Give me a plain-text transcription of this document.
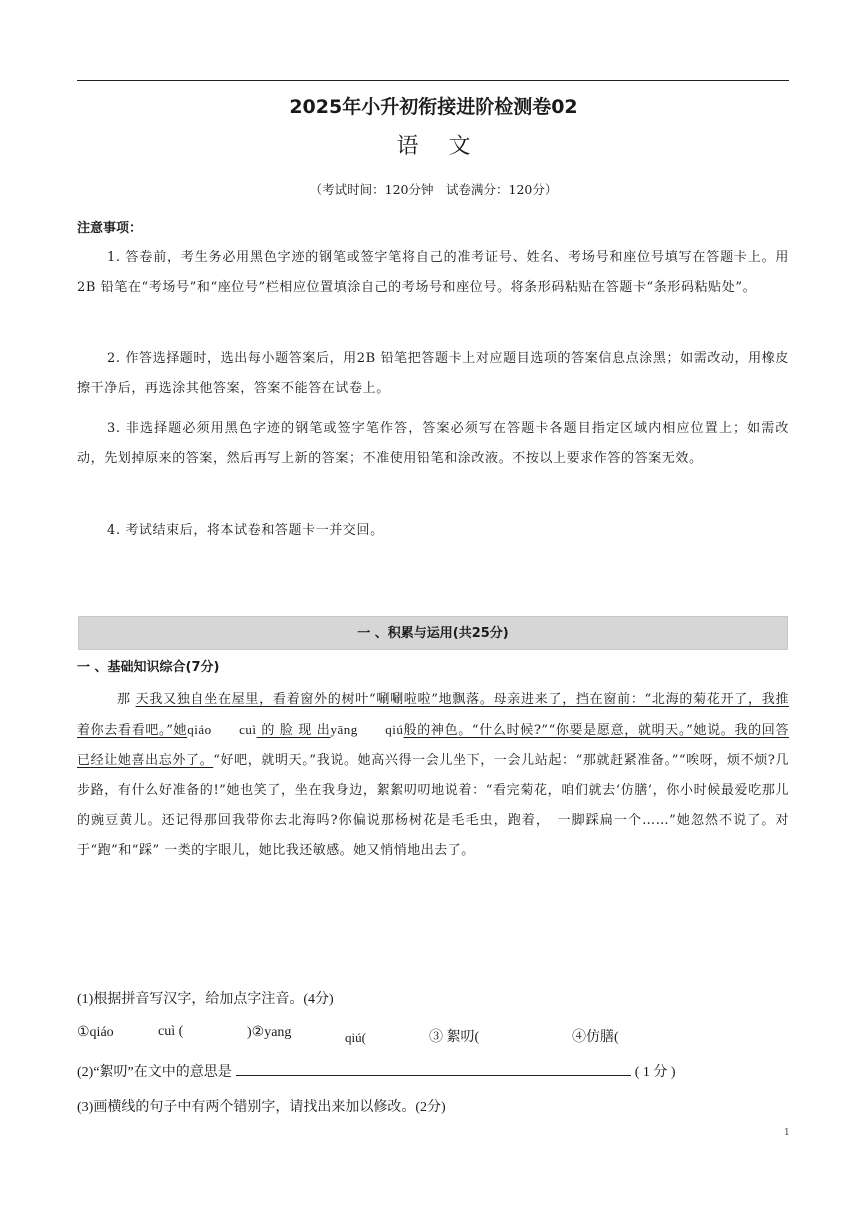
2025年小升初衔接进阶检测卷02
语文
（考试时间：120分钟　试卷满分：120分）
注意事项：
1. 答卷前，考生务必用黑色字迹的钢笔或签字笔将自己的准考证号、姓名、考场号和座位号填写在答题卡上。用2B 铅笔在“考场号”和“座位号”栏相应位置填涂自己的考场号和座位号。将条形码粘贴在答题卡“条形码粘贴处”。
2. 作答选择题时，选出每小题答案后，用2B 铅笔把答题卡上对应题目选项的答案信息点涂黑；如需改动，用橡皮擦干净后，再选涂其他答案，答案不能答在试卷上。
3. 非选择题必须用黑色字迹的钢笔或签字笔作答，答案必须写在答题卡各题目指定区域内相应位置上；如需改动，先划掉原来的答案，然后再写上新的答案；不准使用铅笔和涂改液。不按以上要求作答的答案无效。
4. 考试结束后，将本试卷和答题卡一并交回。
一 、积累与运用(共25分)
一 、基础知识综合(7分)
那 天我又独自坐在屋里，看着窗外的树叶“唰唰啦啦”地飘落。母亲进来了，挡在窗前：“北海的菊花开了，我推着你去看看吧。”她qiáo　　 cuì 的 脸 现 出yāng　　 qiú般的神色。“什么时候?”“你要是愿意，就明天。”她说。我的回答已经让她喜出忘外了。“好吧，就明天。”我说。她高兴得一会儿坐下，一会儿站起：“那就赶紧准备。”“唉呀，烦不烦?几步路，有什么好准备的!”她也笑了，坐在我身边，絮絮叨叨地说着：“看完菊花，咱们就去‘仿膳’，你小时候最爱吃那儿的豌豆黄儿。还记得那回我带你去北海吗?你偏说那杨树花是毛毛虫，跑着，　一脚踩扁一个……”她忽然不说了。对于“跑”和“踩” 一类的字眼儿，她比我还敏感。她又悄悄地出去了。
(1)根据拼音写汉字，给加点字注音。(4分)
①qiáo	cuì (	)②yang	qiú(	③ 絮叨(	④仿膳(
(2)“絮叨”在文中的意思是	( 1 分 )
(3)画横线的句子中有两个错别字，请找出来加以修改。(2分)
1
